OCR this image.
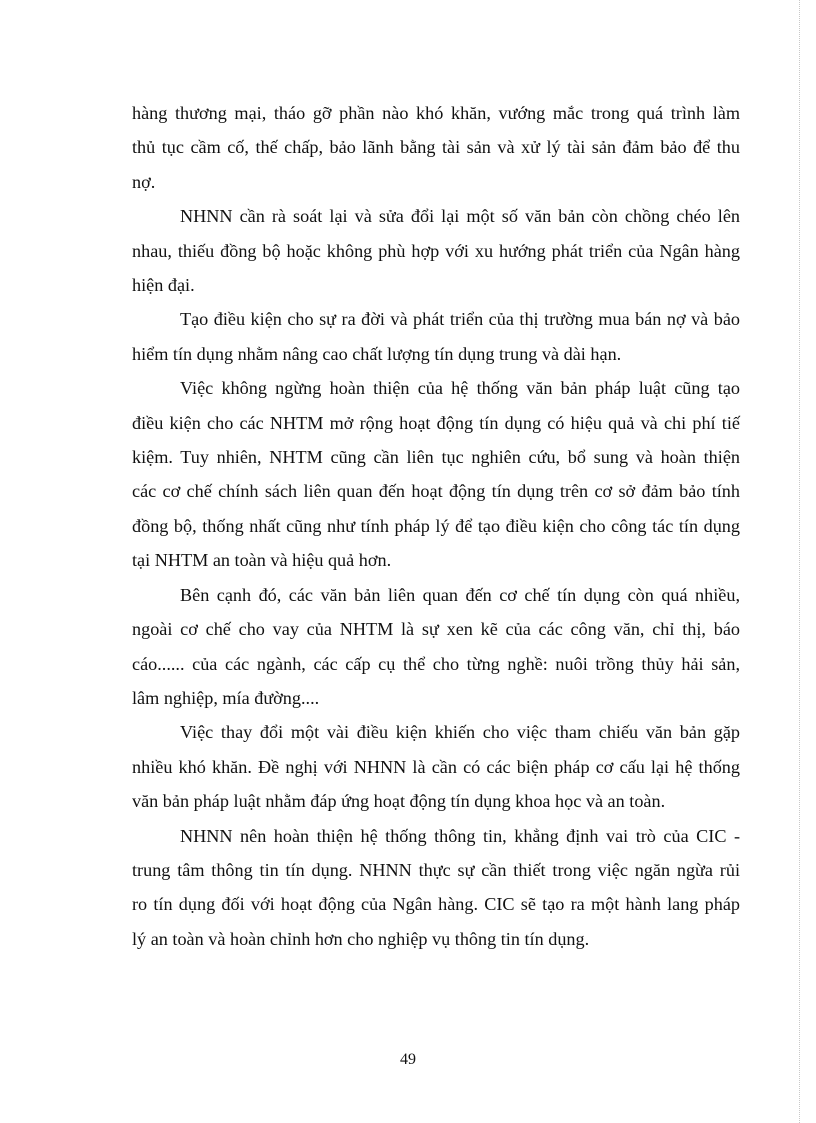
hàng thương mại, tháo gỡ phần nào khó khăn, vướng mắc trong quá trình làm
thủ tục cầm cố, thế chấp, bảo lãnh bằng tài sản và xử lý tài sản đảm bảo để thu
nợ.

NHNN cần rà soát lại và sửa đổi lại một số văn bản còn chồng chéo lên
nhau, thiếu đồng bộ hoặc không phù hợp với xu hướng phát triển của Ngân hàng
hiện đại.

Tạo điều kiện cho sự ra đời và phát triển của thị trường mua bán nợ và bảo
hiểm tín dụng nhằm nâng cao chất lượng tín dụng trung và dài hạn.

Việc không ngừng hoàn thiện của hệ thống văn bản pháp luật cũng tạo
điều kiện cho các NHTM mở rộng hoạt động tín dụng có hiệu quả và chi phí tiế
kiệm. Tuy nhiên, NHTM cũng cần liên tục nghiên cứu, bổ sung và hoàn thiện
các cơ chế chính sách liên quan đến hoạt động tín dụng trên cơ sở đảm bảo tính
đồng bộ, thống nhất cũng như tính pháp lý để tạo điều kiện cho công tác tín dụng
tại NHTM an toàn và hiệu quả hơn.

Bên cạnh đó, các văn bản liên quan đến cơ chế tín dụng còn quá nhiều,
ngoài cơ chế cho vay của NHTM là sự xen kẽ của các công văn, chỉ thị, báo
cáo...... của các ngành, các cấp cụ thể cho từng nghề: nuôi trồng thủy hải sản,
lâm nghiệp, mía đường....

Việc thay đổi một vài điều kiện khiến cho việc tham chiếu văn bản gặp
nhiều khó khăn. Đề nghị với NHNN là cần có các biện pháp cơ cấu lại hệ thống
văn bản pháp luật nhằm đáp ứng hoạt động tín dụng khoa học và an toàn.

NHNN nên hoàn thiện hệ thống thông tin, khẳng định vai trò của CIC -
trung tâm thông tin tín dụng. NHNN thực sự cần thiết trong việc ngăn ngừa rủi
ro tín dụng đối với hoạt động của Ngân hàng. CIC sẽ tạo ra một hành lang pháp
lý an toàn và hoàn chỉnh hơn cho nghiệp vụ thông tin tín dụng.

49
